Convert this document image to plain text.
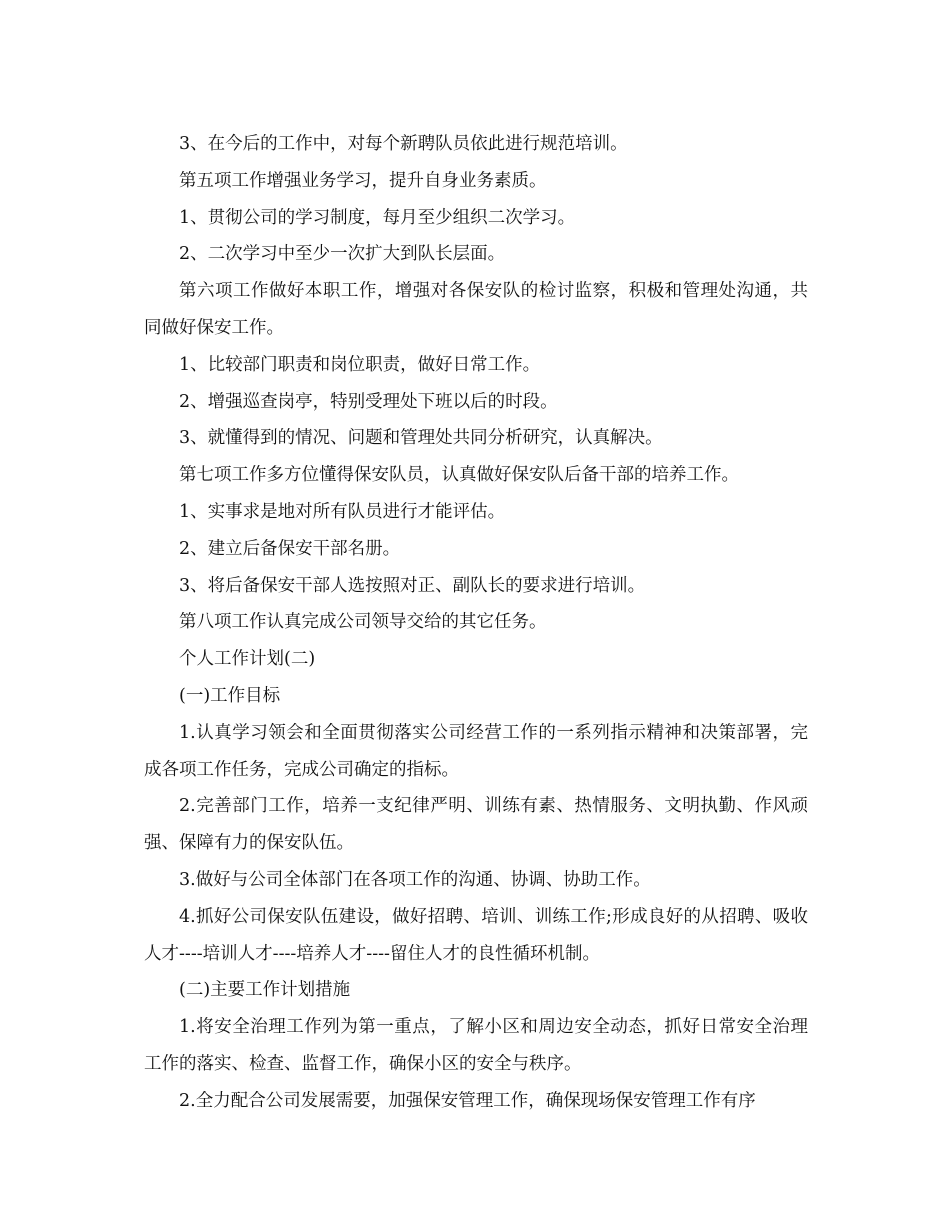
3、在今后的工作中，对每个新聘队员依此进行规范培训。

第五项工作增强业务学习，提升自身业务素质。

1、贯彻公司的学习制度，每月至少组织二次学习。

2、二次学习中至少一次扩大到队长层面。

第六项工作做好本职工作，增强对各保安队的检讨监察，积极和管理处沟通，共同做好保安工作。

1、比较部门职责和岗位职责，做好日常工作。

2、增强巡查岗亭，特别受理处下班以后的时段。

3、就懂得到的情况、问题和管理处共同分析研究，认真解决。

第七项工作多方位懂得保安队员，认真做好保安队后备干部的培养工作。

1、实事求是地对所有队员进行才能评估。

2、建立后备保安干部名册。

3、将后备保安干部人选按照对正、副队长的要求进行培训。

第八项工作认真完成公司领导交给的其它任务。

个人工作计划(二)

(一)工作目标

1.认真学习领会和全面贯彻落实公司经营工作的一系列指示精神和决策部署，完成各项工作任务，完成公司确定的指标。

2.完善部门工作，培养一支纪律严明、训练有素、热情服务、文明执勤、作风顽强、保障有力的保安队伍。

3.做好与公司全体部门在各项工作的沟通、协调、协助工作。

4.抓好公司保安队伍建设，做好招聘、培训、训练工作;形成良好的从招聘、吸收人才----培训人才----培养人才----留住人才的良性循环机制。

(二)主要工作计划措施

1.将安全治理工作列为第一重点，了解小区和周边安全动态，抓好日常安全治理工作的落实、检查、监督工作，确保小区的安全与秩序。

2.全力配合公司发展需要，加强保安管理工作，确保现场保安管理工作有序
